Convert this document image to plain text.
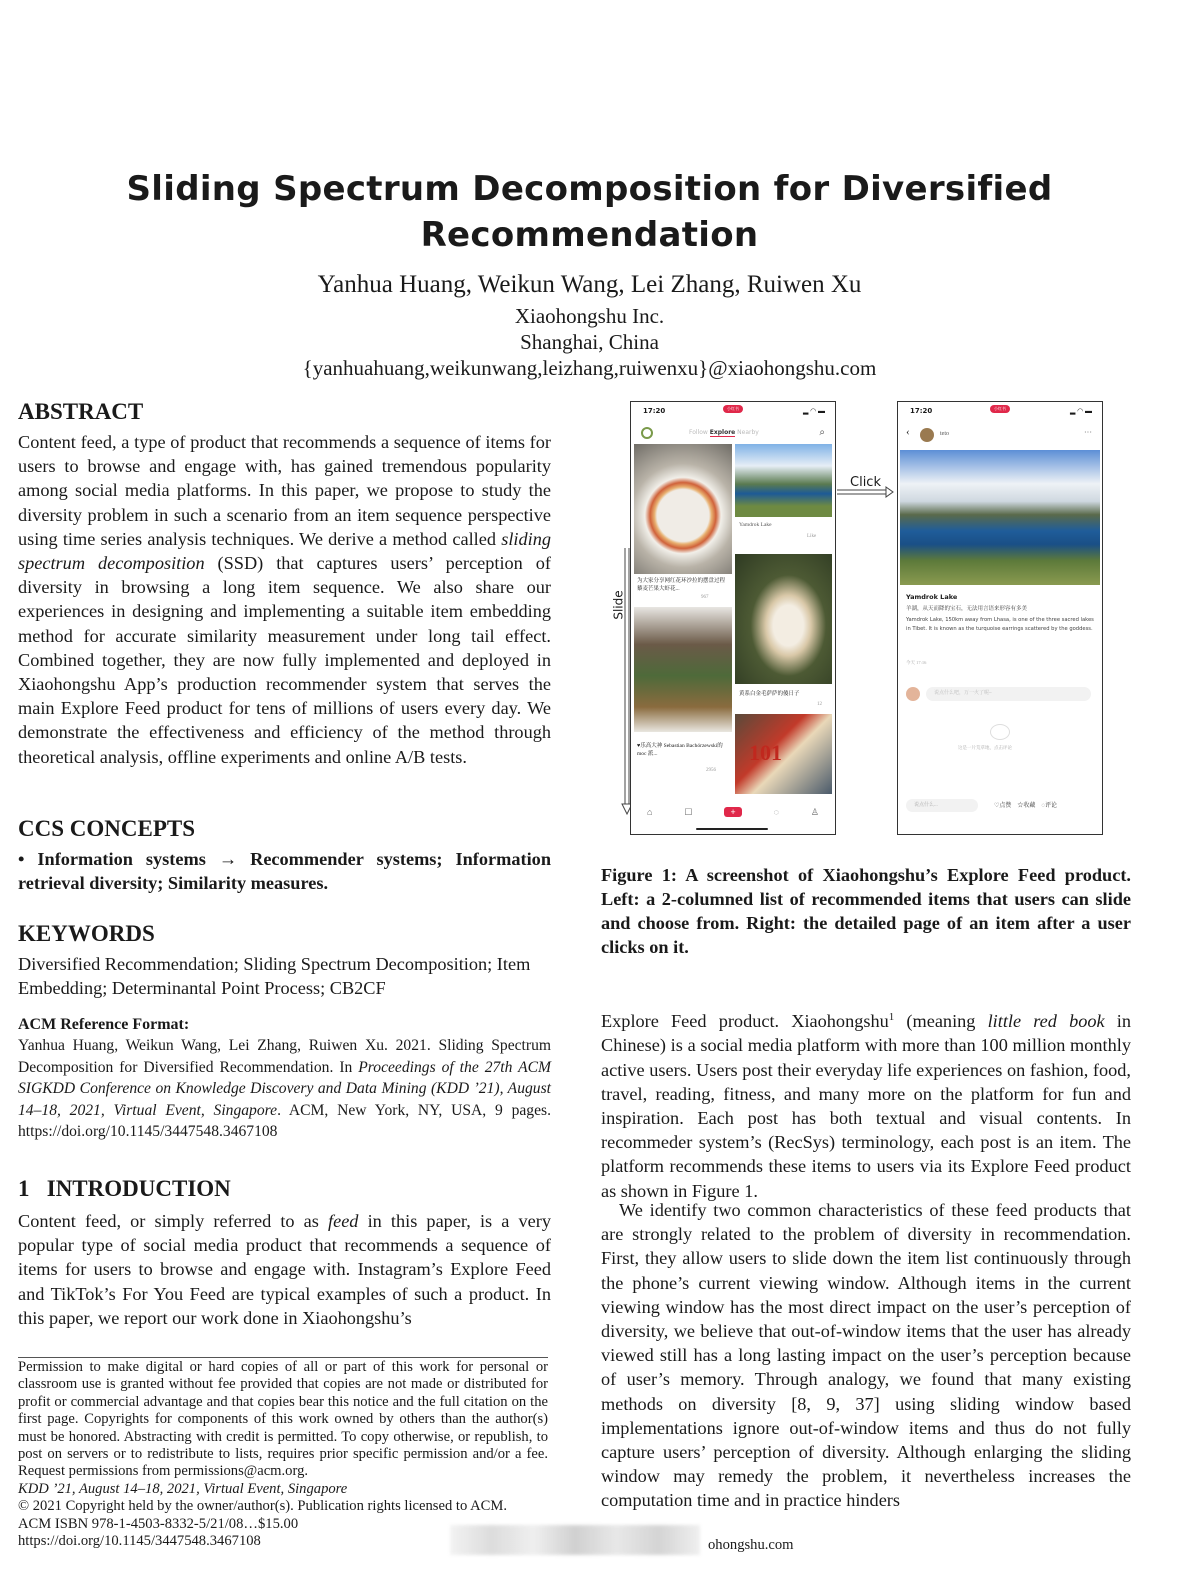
Sliding Spectrum Decomposition for Diversified
Recommendation
Yanhua Huang, Weikun Wang, Lei Zhang, Ruiwen Xu
Xiaohongshu Inc.
Shanghai, China
{yanhuahuang,weikunwang,leizhang,ruiwenxu}@xiaohongshu.com
ABSTRACT
Content feed, a type of product that recommends a sequence of items for users to browse and engage with, has gained tremendous popularity among social media platforms. In this paper, we propose to study the diversity problem in such a scenario from an item sequence perspective using time series analysis techniques. We derive a method called sliding spectrum decomposition (SSD) that captures users’ perception of diversity in browsing a long item sequence. We also share our experiences in designing and implementing a suitable item embedding method for accurate similarity measurement under long tail effect. Combined together, they are now fully implemented and deployed in Xiaohongshu App’s production recommender system that serves the main Explore Feed product for tens of millions of users every day. We demonstrate the effectiveness and efficiency of the method through theoretical analysis, offline experiments and online A/B tests.
CCS CONCEPTS
• Information systems → Recommender systems; Information retrieval diversity; Similarity measures.
KEYWORDS
Diversified Recommendation; Sliding Spectrum Decomposition; Item Embedding; Determinantal Point Process; CB2CF
ACM Reference Format:
Yanhua Huang, Weikun Wang, Lei Zhang, Ruiwen Xu. 2021. Sliding Spectrum Decomposition for Diversified Recommendation. In Proceedings of the 27th ACM SIGKDD Conference on Knowledge Discovery and Data Mining (KDD ’21), August 14–18, 2021, Virtual Event, Singapore. ACM, New York, NY, USA, 9 pages. https://doi.org/10.1145/3447548.3467108
1   INTRODUCTION
Content feed, or simply referred to as feed in this paper, is a very popular type of social media product that recommends a sequence of items for users to browse and engage with. Instagram’s Explore Feed and TikTok’s For You Feed are typical examples of such a product. In this paper, we report our work done in Xiaohongshu’s
Permission to make digital or hard copies of all or part of this work for personal or classroom use is granted without fee provided that copies are not made or distributed for profit or commercial advantage and that copies bear this notice and the full citation on the first page. Copyrights for components of this work owned by others than the author(s) must be honored. Abstracting with credit is permitted. To copy otherwise, or republish, to post on servers or to redistribute to lists, requires prior specific permission and/or a fee. Request permissions from permissions@acm.org.
KDD ’21, August 14–18, 2021, Virtual Event, Singapore
© 2021 Copyright held by the owner/author(s). Publication rights licensed to ACM.
ACM ISBN 978-1-4503-8332-5/21/08…$15.00
https://doi.org/10.1145/3447548.3467108	ohongshu.com
Slide
17:20	小红书	▂ ◠ ▬
Follow Explore Nearby	⌕
为大家分享网红花环沙拉的摆盘过程 藜麦芒果大虾花...
967
♥乐高大神 Sebastian Bachórzewski的moc 派...
2956
Yamdrok Lake
Like
黄系白金毛萨萨的傻日子
12
101
⌂	☐	+	◌	♙
Click
17:20	小红书	▂ ◠ ▬
‹	teto	···
Yamdrok Lake
羊湖，从天而降的宝石，无法用言语来形容有多美
Yamdrok Lake, 150km away from Lhasa, is one of the three sacred lakes in Tibet. It is known as the turquoise earrings scattered by the goddess.
今天 17:16
说点什么吧，万一火了呢~
这是一片荒草地，点击评论
说点什么...	♡点赞 ☆收藏 ◌评论
Figure 1: A screenshot of Xiaohongshu’s Explore Feed product. Left: a 2-columned list of recommended items that users can slide and choose from. Right: the detailed page of an item after a user clicks on it.
Explore Feed product. Xiaohongshu$^1$ (meaning little red book in Chinese) is a social media platform with more than 100 million monthly active users. Users post their everyday life experiences on fashion, food, travel, reading, fitness, and many more on the platform for fun and inspiration. Each post has both textual and visual contents. In recommeder system’s (RecSys) terminology, each post is an item. The platform recommends these items to users via its Explore Feed product as shown in Figure 1.
We identify two common characteristics of these feed products that are strongly related to the problem of diversity in recommendation. First, they allow users to slide down the item list continuously through the phone’s current viewing window. Although items in the current viewing window has the most direct impact on the user’s perception of diversity, we believe that out-of-window items that the user has already viewed still has a long lasting impact on the user’s perception because of user’s memory. Through analogy, we found that many existing methods on diversity [8, 9, 37] using sliding window based implementations ignore out-of-window items and thus do not fully capture users’ perception of diversity. Although enlarging the sliding window may remedy the problem, it nevertheless increases the computation time and in practice hinders
